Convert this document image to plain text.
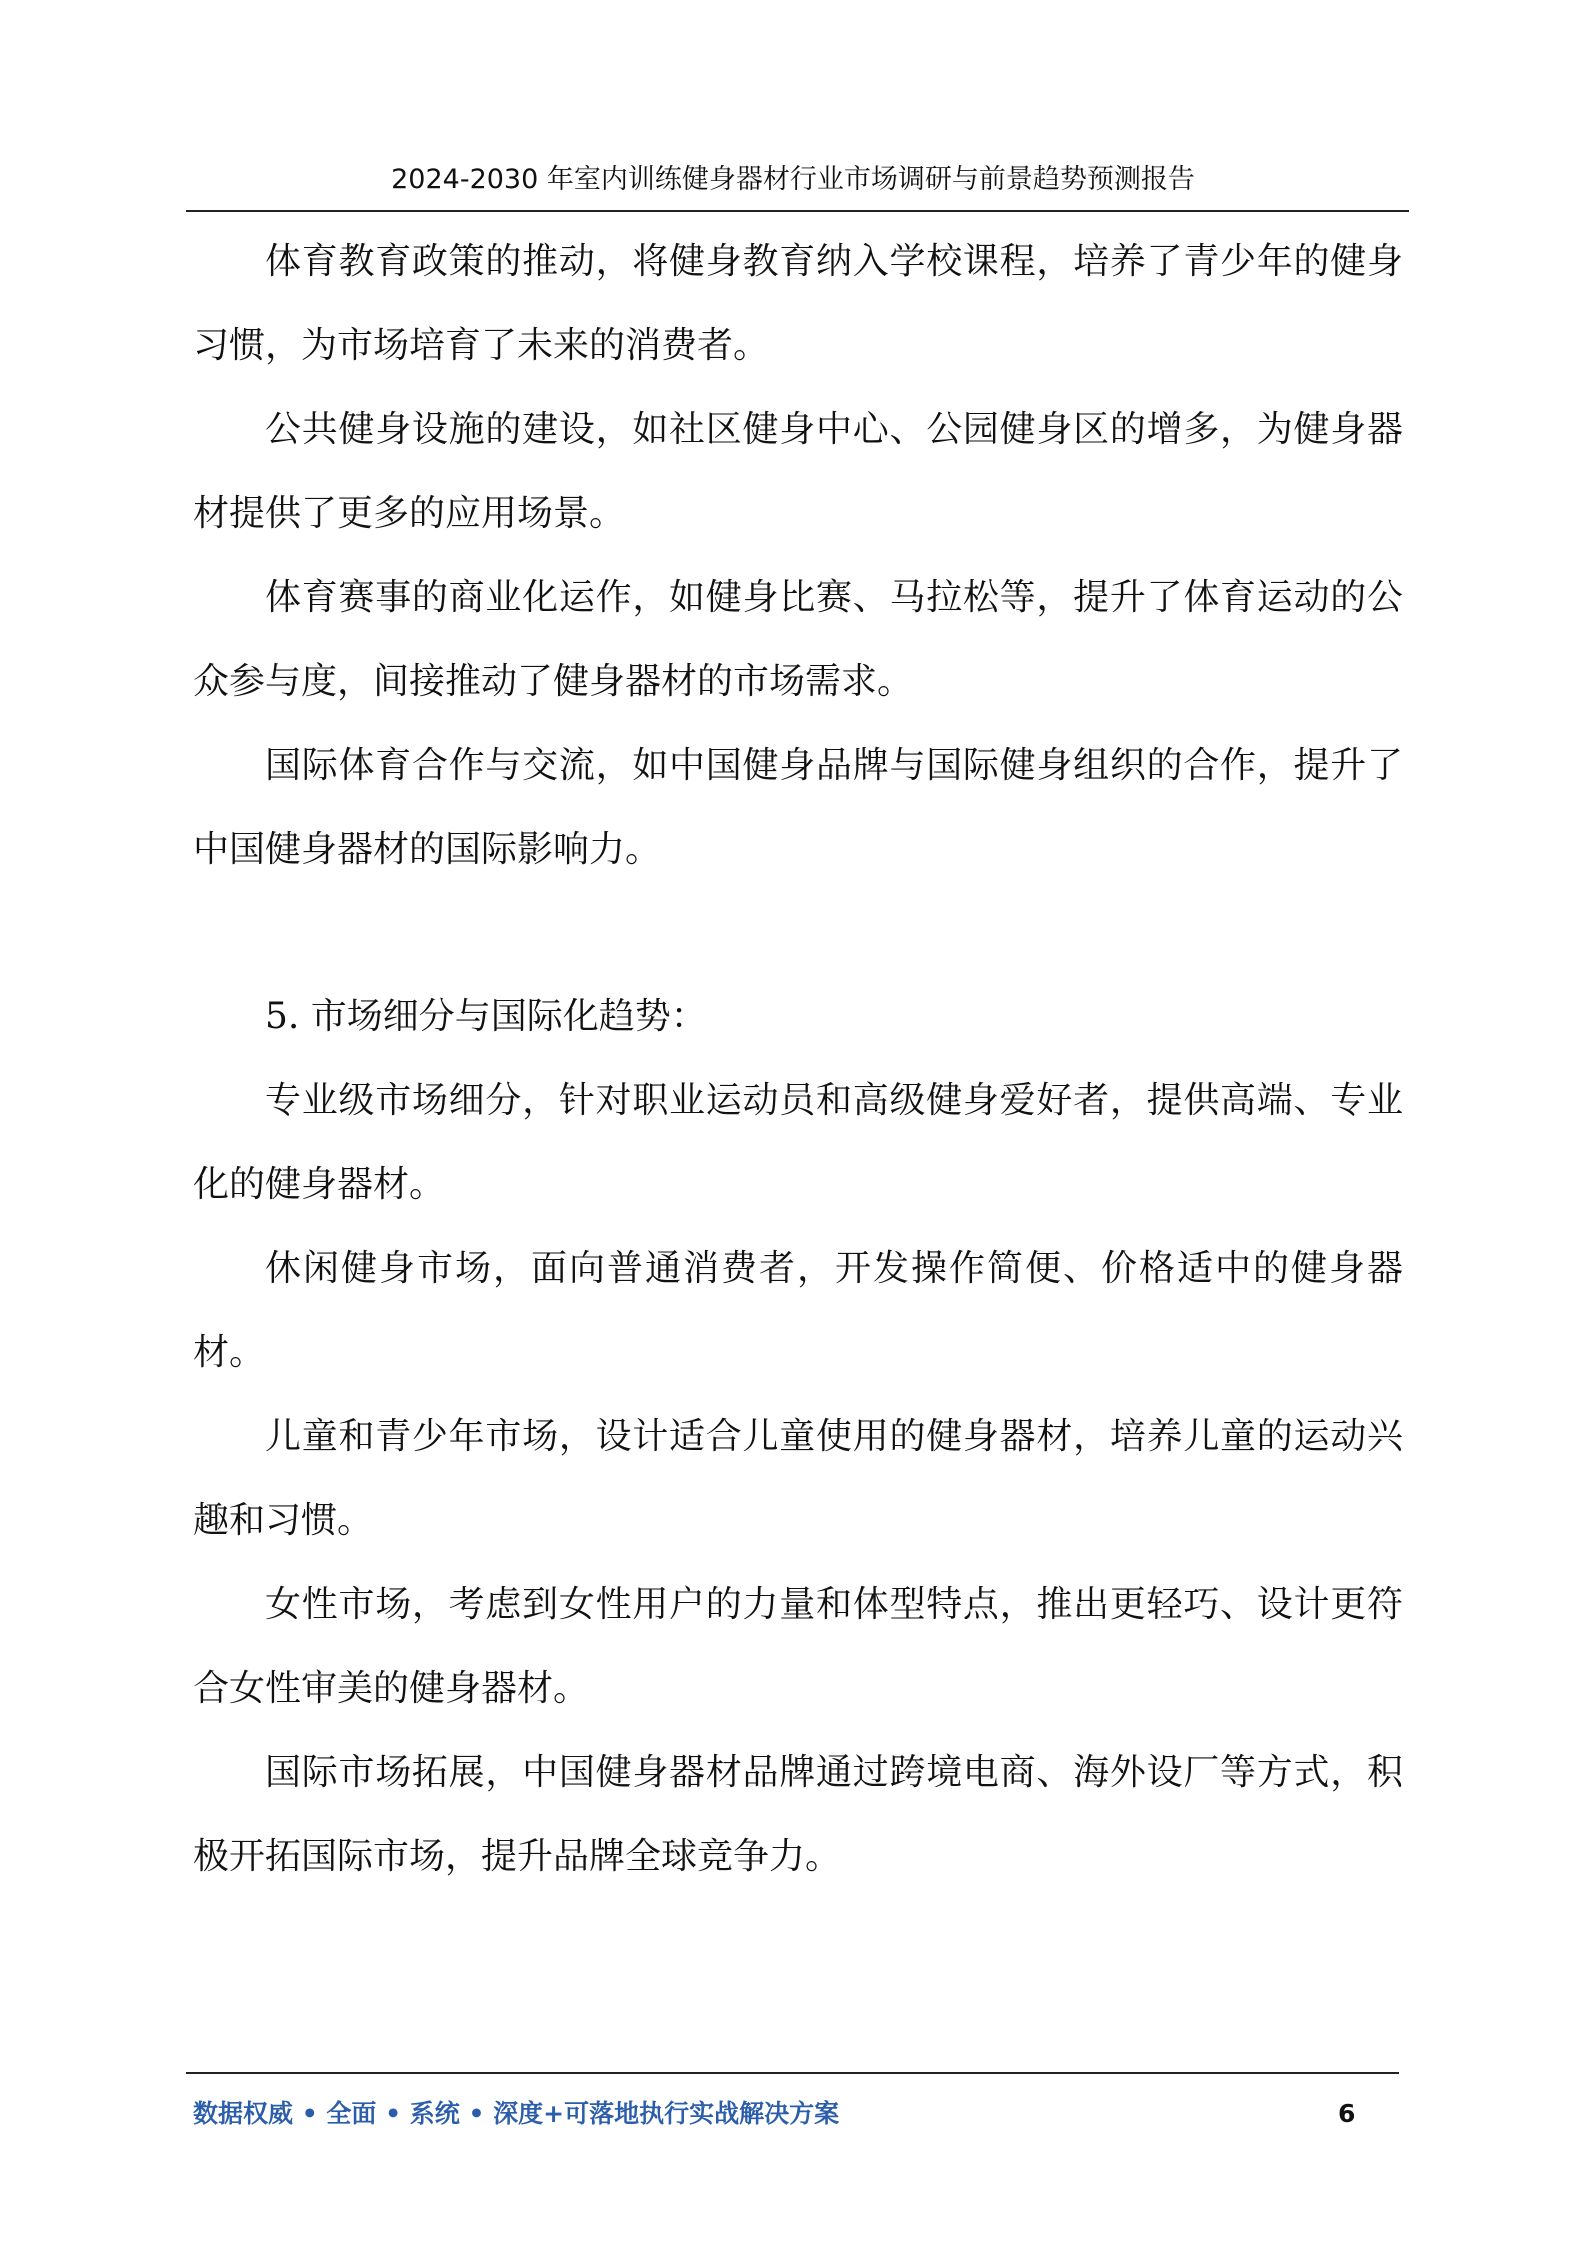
2024-2030 年室内训练健身器材行业市场调研与前景趋势预测报告

体育教育政策的推动，将健身教育纳入学校课程，培养了青少年的健身习惯，为市场培育了未来的消费者。

公共健身设施的建设，如社区健身中心、公园健身区的增多，为健身器材提供了更多的应用场景。

体育赛事的商业化运作，如健身比赛、马拉松等，提升了体育运动的公众参与度，间接推动了健身器材的市场需求。

国际体育合作与交流，如中国健身品牌与国际健身组织的合作，提升了中国健身器材的国际影响力。

5. 市场细分与国际化趋势：

专业级市场细分，针对职业运动员和高级健身爱好者，提供高端、专业化的健身器材。

休闲健身市场，面向普通消费者，开发操作简便、价格适中的健身器材。

儿童和青少年市场，设计适合儿童使用的健身器材，培养儿童的运动兴趣和习惯。

女性市场，考虑到女性用户的力量和体型特点，推出更轻巧、设计更符合女性审美的健身器材。

国际市场拓展，中国健身器材品牌通过跨境电商、海外设厂等方式，积极开拓国际市场，提升品牌全球竞争力。

数据权威 • 全面 • 系统 • 深度+可落地执行实战解决方案	6
